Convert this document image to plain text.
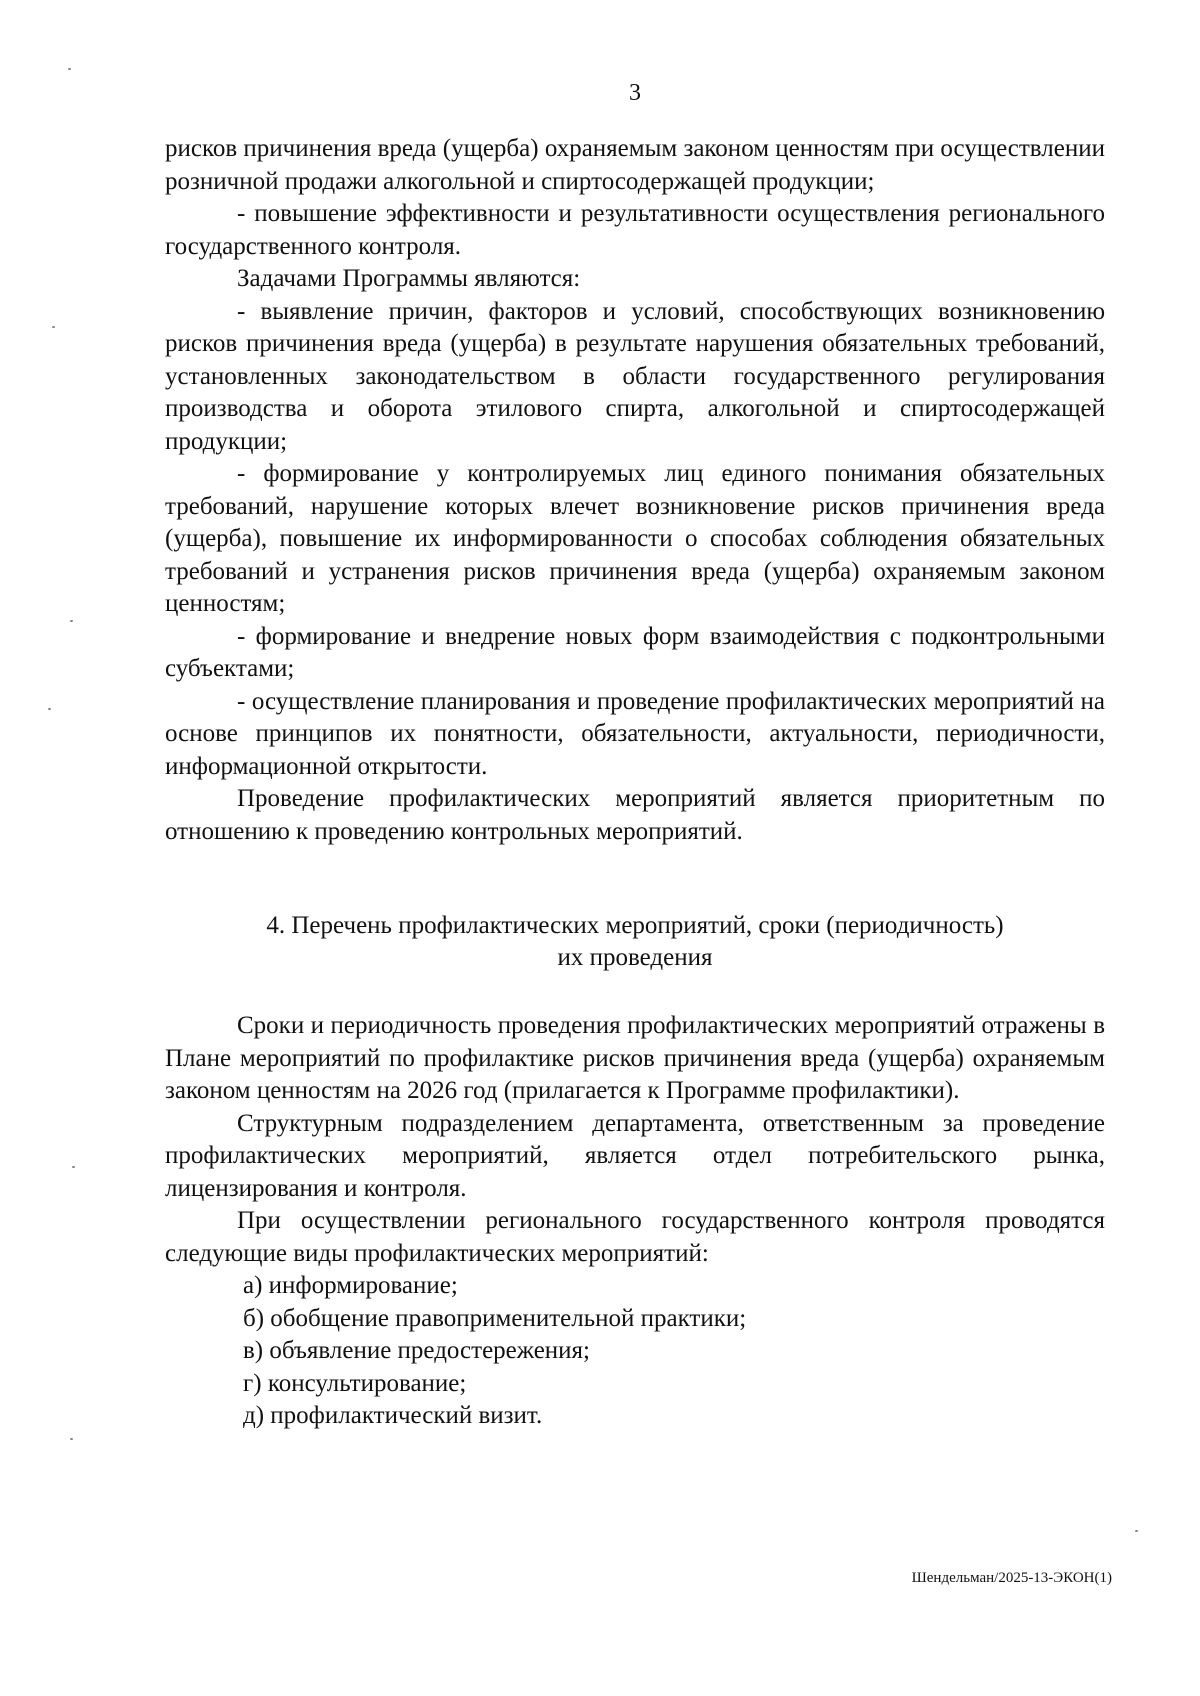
3

рисков причинения вреда (ущерба) охраняемым законом ценностям при осуществлении розничной продажи алкогольной и спиртосодержащей продукции;

- повышение эффективности и результативности осуществления регионального государственного контроля.

Задачами Программы являются:

- выявление причин, факторов и условий, способствующих возникновению рисков причинения вреда (ущерба) в результате нарушения обязательных требований, установленных законодательством в области государственного регулирования производства и оборота этилового спирта, алкогольной и спиртосодержащей продукции;

- формирование у контролируемых лиц единого понимания обязательных требований, нарушение которых влечет возникновение рисков причинения вреда (ущерба), повышение их информированности о способах соблюдения обязательных требований и устранения рисков причинения вреда (ущерба) охраняемым законом ценностям;

- формирование и внедрение новых форм взаимодействия с подконтрольными субъектами;

- осуществление планирования и проведение профилактических мероприятий на основе принципов их понятности, обязательности, актуальности, периодичности, информационной открытости.

Проведение профилактических мероприятий является приоритетным по отношению к проведению контрольных мероприятий.

4. Перечень профилактических мероприятий, сроки (периодичность)
их проведения

Сроки и периодичность проведения профилактических мероприятий отражены в Плане мероприятий по профилактике рисков причинения вреда (ущерба) охраняемым законом ценностям на 2026 год (прилагается к Программе профилактики).

Структурным подразделением департамента, ответственным за проведение профилактических мероприятий, является отдел потребительского рынка, лицензирования и контроля.

При осуществлении регионального государственного контроля проводятся следующие виды профилактических мероприятий:

а) информирование;
б) обобщение правоприменительной практики;
в) объявление предостережения;
г) консультирование;
д) профилактический визит.
Шендельман/2025-13-ЭКОН(1)
